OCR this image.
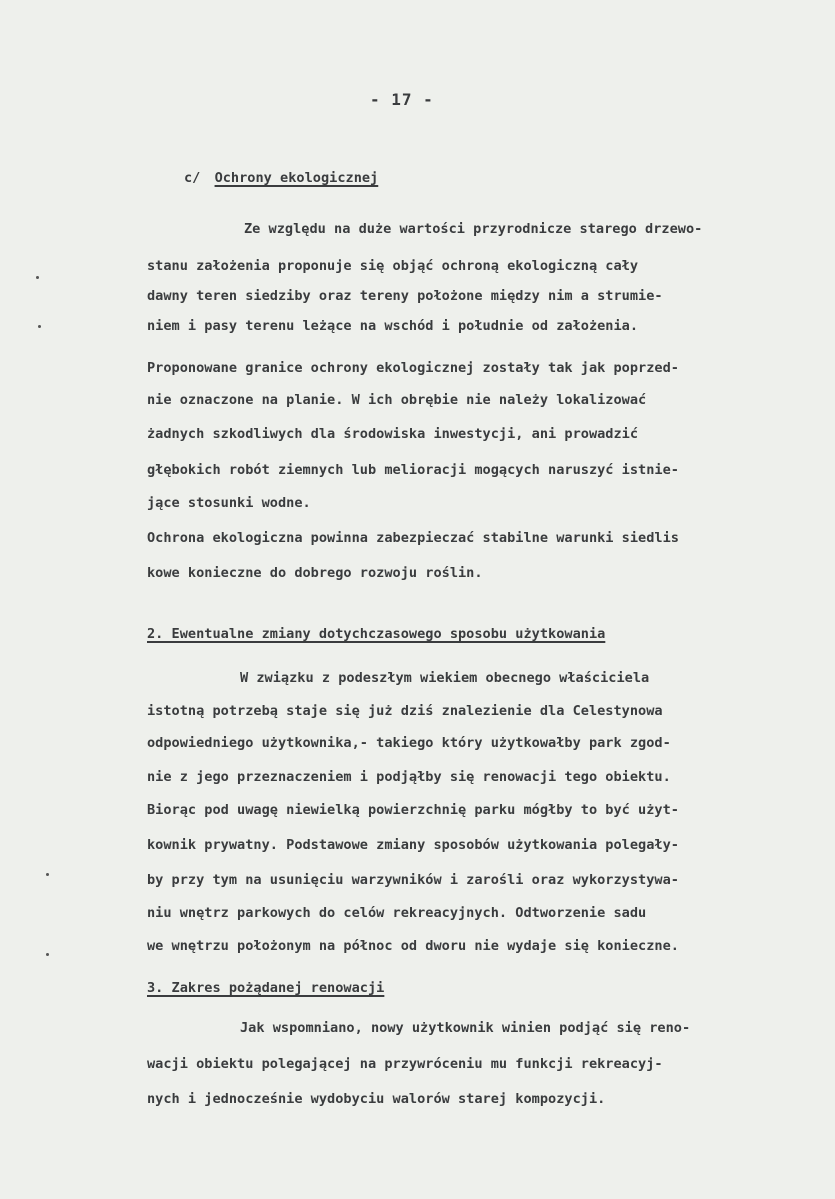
- 17 -
c/ Ochrony ekologicznej
Ze względu na duże wartości przyrodnicze starego drzewo-
stanu założenia proponuje się objąć ochroną ekologiczną cały
dawny teren siedziby oraz tereny położone między nim a strumie-
niem i pasy terenu leżące na wschód i południe od założenia.
Proponowane granice ochrony ekologicznej zostały tak jak poprzed-
nie oznaczone na planie. W ich obrębie nie należy lokalizować
żadnych szkodliwych dla środowiska inwestycji, ani prowadzić
głębokich robót ziemnych lub melioracji mogących naruszyć istnie-
jące stosunki wodne.
Ochrona ekologiczna powinna zabezpieczać stabilne warunki siedlis
kowe konieczne do dobrego rozwoju roślin.
2. Ewentualne zmiany dotychczasowego sposobu użytkowania
W związku z podeszłym wiekiem obecnego właściciela
istotną potrzebą staje się już dziś znalezienie dla Celestynowa
odpowiedniego użytkownika,- takiego który użytkowałby park zgod-
nie z jego przeznaczeniem i podjąłby się renowacji tego obiektu.
Biorąc pod uwagę niewielką powierzchnię parku mógłby to być użyt-
kownik prywatny. Podstawowe zmiany sposobów użytkowania polegały-
by przy tym na usunięciu warzywników i zarośli oraz wykorzystywa-
niu wnętrz parkowych do celów rekreacyjnych. Odtworzenie sadu
we wnętrzu położonym na północ od dworu nie wydaje się konieczne.
3. Zakres pożądanej renowacji
Jak wspomniano, nowy użytkownik winien podjąć się reno-
wacji obiektu polegającej na przywróceniu mu funkcji rekreacyj-
nych i jednocześnie wydobyciu walorów starej kompozycji.
